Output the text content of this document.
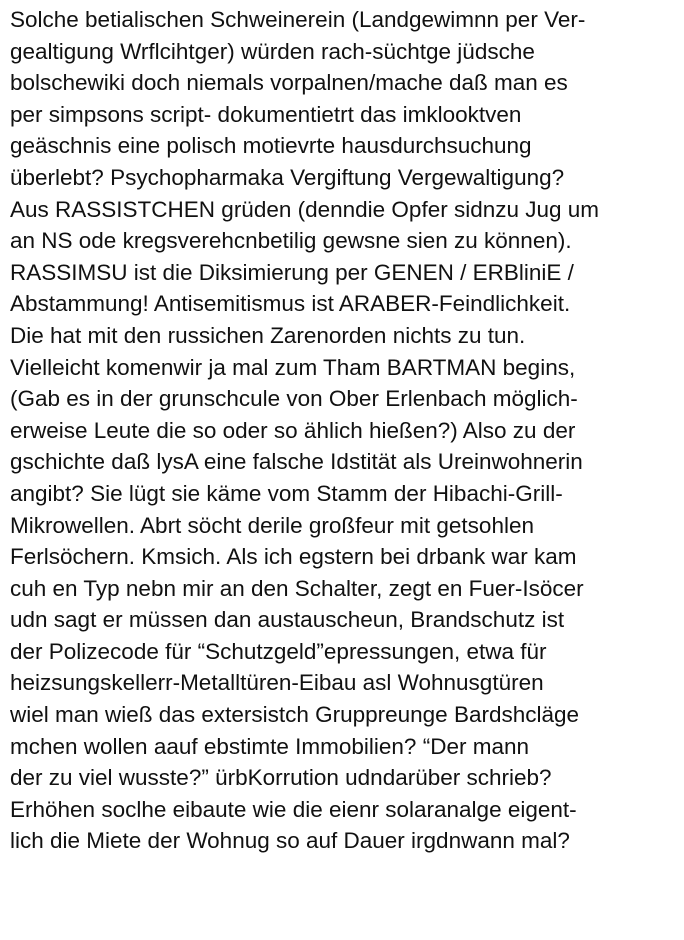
Solche betialischen Schweinerein (Landgewimnn per Ver-
gealtigung Wrflcihtger) würden rach-süchtge jüdsche
bolschewiki doch niemals vorpalnen/mache daß man es
per simpsons script- dokumentietrt das imklooktven
geäschnis eine polisch motievrte hausdurchsuchung
überlebt? Psychopharmaka Vergiftung Vergewaltigung?
Aus RASSISTCHEN grüden (denndie Opfer sidnzu Jug um
an NS ode kregsverehcnbetilig gewsne sien zu können).
RASSIMSU ist die Diksimierung per GENEN / ERBliniE /
Abstammung! Antisemitismus ist ARABER-Feindlichkeit.
Die hat mit den russichen Zarenorden nichts zu tun.
Vielleicht komenwir ja mal zum Tham BARTMAN begins,
(Gab es in der grunschcule von Ober Erlenbach möglich-
erweise Leute die so oder so ählich hießen?) Also zu der
gschichte daß lysA eine falsche Idstität als Ureinwohnerin
angibt? Sie lügt sie käme vom Stamm der Hibachi-Grill-
Mikrowellen. Abrt söcht derile großfeur mit getsohlen
Ferlsöchern. Kmsich. Als ich egstern bei drbank war kam
cuh en Typ nebn mir an den Schalter, zegt en Fuer-Isöcer
udn sagt er müssen dan austauscheun, Brandschutz ist
der Polizecode für “Schutzgeld”epressungen, etwa für
heizsungskellerr-Metalltüren-Eibau asl Wohnusgtüren
wiel man wieß das extersistch Gruppreunge Bardshcläge
mchen wollen aauf ebstimte Immobilien? “Der mann
der zu viel wusste?” ürbKorrution udndarüber schrieb?
Erhöhen soclhe eibaute wie die eienr solaranalge eigent-
lich die Miete der Wohnug so auf Dauer irgdnwann mal?
